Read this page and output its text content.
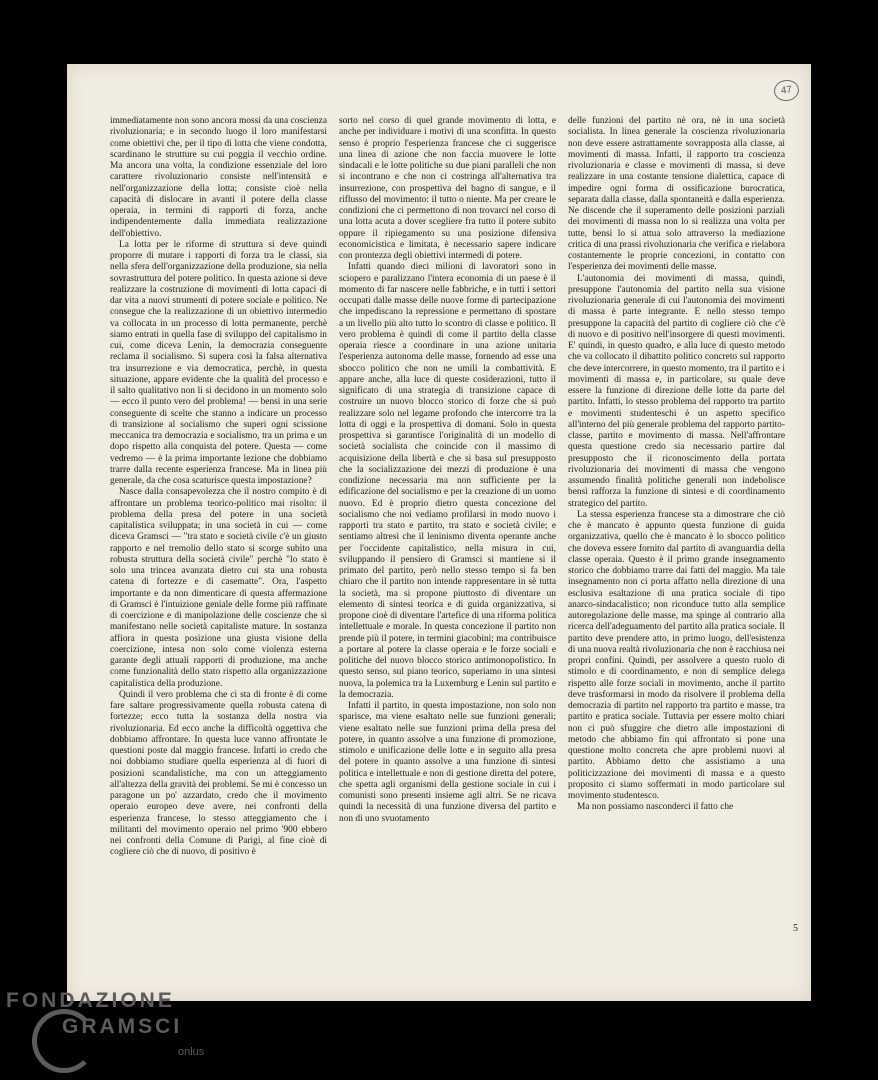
47

immediatamente non sono ancora mossi da una coscienza rivoluzionaria; e in secondo luogo il loro manifestarsi come obiettivi che, per il tipo di lotta che viene condotta, scardinano le strutture su cui poggia il vecchio ordine. Ma ancora una volta, la condizione essenziale del loro carattere rivoluzionario consiste nell'intensità e nell'organizzazione della lotta; consiste cioè nella capacità di dislocare in avanti il potere della classe operaia, in termini di rapporti di forza, anche indipendentemente dalla immediata realizzazione dell'obiettivo.

La lotta per le riforme di struttura si deve quindi proporre di mutare i rapporti di forza tra le classi, sia nella sfera dell'organizzazione della produzione, sia nella sovrastruttura del potere politico. In questa azione si deve realizzare la costruzione di movimenti di lotta capaci di dar vita a nuovi strumenti di potere sociale e politico. Ne consegue che la realizzazione di un obiettivo intermedio va collocata in un processo di lotta permanente, perchè siamo entrati in quella fase di sviluppo del capitalismo in cui, come diceva Lenin, la democrazia conseguente reclama il socialismo. Si supera così la falsa alternativa tra insurrezione e via democratica, perchè, in questa situazione, appare evidente che la qualità del processo e il salto qualitativo non li si decidono in un momento solo — ecco il punto vero del problema! — bensì in una serie conseguente di scelte che stanno a indicare un processo di transizione al socialismo che superi ogni scissione meccanica tra democrazia e socialismo, tra un prima e un dopo rispetto alla conquista del potere. Questa — come vedremo — è la prima importante lezione che dobbiamo trarre dalla recente esperienza francese. Ma in linea più generale, da che cosa scaturisce questa impostazione?

Nasce dalla consapevolezza che il nostro compito è di affrontare un problema teorico-politico mai risolto: il problema della presa del potere in una società capitalistica sviluppata; in una società in cui — come diceva Gramsci — "tra stato e società civile c'è un giusto rapporto e nel tremolio dello stato si scorge subito una robusta struttura della società civile" perchè "lo stato è solo una trincea avanzata dietro cui sta una robusta catena di fortezze e di casematte". Ora, l'aspetto importante e da non dimenticare di questa affermazione di Gramsci è l'intuizione geniale delle forme più raffinate di coercizione e di manipolazione delle coscienze che si manifestano nelle società capitaliste mature. In sostanza affiora in questa posizione una giusta visione della coercizione, intesa non solo come violenza esterna garante degli attuali rapporti di produzione, ma anche come funzionalità dello stato rispetto alla organizzazione capitalistica della produzione.

Quindi il vero problema che ci sta di fronte è di come fare saltare progressivamente quella robusta catena di fortezze; ecco tutta la sostanza della nostra via rivoluzionaria. Ed ecco anche la difficoltà oggettiva che dobbiamo affrontare. In questa luce vanno affrontate le questioni poste dal maggio francese. Infatti io credo che noi dobbiamo studiare quella esperienza al di fuori di posizioni scandalistiche, ma con un atteggiamento all'altezza della gravità dei problemi. Se mi è concesso un paragone un po' azzardato, credo che il movimento operaio europeo deve avere, nei confronti della esperienza francese, lo stesso atteggiamento che i militanti del movimento operaio nel primo '900 ebbero nei confronti della Comune di Parigi, al fine cioè di cogliere ciò che di nuovo, di positivo è

sorto nel corso di quel grande movimento di lotta, e anche per individuare i motivi di una sconfitta. In questo senso è proprio l'esperienza francese che ci suggerisce una linea di azione che non faccia muovere le lotte sindacali e le lotte politiche su due piani paralleli che non si incontrano e che non ci costringa all'alternativa tra insurrezione, con prospettiva del bagno di sangue, e il riflusso del movimento: il tutto o niente. Ma per creare le condizioni che ci permettono di non trovarci nel corso di una lotta acuta a dover scegliere fra tutto il potere subito oppure il ripiegamento su una posizione difensiva economicistica e limitata, è necessario sapere indicare con prontezza degli obiettivi intermedi di potere.

Infatti quando dieci milioni di lavoratori sono in sciopero e paralizzano l'intera economia di un paese è il momento di far nascere nelle fabbriche, e in tutti i settori occupati dalle masse delle nuove forme di partecipazione che impediscano la repressione e permettano di spostare a un livello più alto tutto lo scontro di classe e politico. Il vero problema è quindi di come il partito della classe operaia riesce a coordinare in una azione unitaria l'esperienza autonoma delle masse, fornendo ad esse una sbocco politico che non ne umili la combattività. E appare anche, alla luce di queste cosiderazioni, tutto il significato di una strategia di transizione capace di costruire un nuovo blocco storico di forze che si può realizzare solo nel legame profondo che intercorre tra la lotta di oggi e la prospettiva di domani. Solo in questa prospettiva si garantisce l'originalità di un modello di società socialista che coincide con il massimo di acquisizione della libertà e che si basa sul presupposto che la socializzazione dei mezzi di produzione è una condizione necessaria ma non sufficiente per la edificazione del socialismo e per la creazione di un uomo nuovo. Ed è proprio dietro questa concezione del socialismo che noi vediamo profilarsi in modo nuovo i rapporti tra stato e partito, tra stato e società civile; e sentiamo altresì che il leninismo diventa operante anche per l'occidente capitalistico, nella misura in cui, sviluppando il pensiero di Gramsci si mantiene si il primato del partito, però nello stesso tempo si fa ben chiaro che il partito non intende rappresentare in sè tutta la società, ma si propone piuttosto di diventare un elemento di sintesi teorica e di guida organizzativa, si propone cioè di diventare l'artefice di una riforma politica intellettuale e morale. In questa concezione il partito non prende più il potere, in termini giacobini; ma contribuisce a portare al potere la classe operaia e le forze sociali e politiche del nuovo blocco storico antimonopolistico. In questo senso, sul piano teorico, superiamo in una sintesi nuova, la polemica tra la Luxemburg e Lenin sul partito e la democrazia.

Infatti il partito, in questa impostazione, non solo non sparisce, ma viene esaltato nelle sue funzioni generali; viene esaltato nelle sue funzioni prima della presa del potere, in quanto assolve a una funzione di promozione, stimolo e unificazione delle lotte e in seguito alla presa del potere in quanto assolve a una funzione di sintesi politica e intellettuale e non di gestione diretta del potere, che spetta agli organismi della gestione sociale in cui i comunisti sono presenti insieme agli altri. Se ne ricava quindi la necessità di una funzione diversa del partito e non di uno svuotamento

delle funzioni del partito nè ora, nè in una società socialista. In linea generale la coscienza rivoluzionaria non deve essere astrattamente sovrapposta alla classe, ai movimenti di massa. Infatti, il rapporto tra coscienza rivoluzionaria e classe e movimenti di massa, si deve realizzare in una costante tensione dialettica, capace di impedire ogni forma di ossificazione burocratica, separata dalla classe, dalla spontaneità e dalla esperienza. Ne discende che il superamento delle posizioni parziali dei movimenti di massa non lo si realizza una volta per tutte, bensì lo si attua solo attraverso la mediazione critica di una prassi rivoluzionaria che verifica e rielabora costantemente le proprie concezioni, in contatto con l'esperienza dei movimenti delle masse.

L'autonomia dei movimenti di massa, quindi, presuppone l'autonomia del partito nella sua visione rivoluzionaria generale di cui l'autonomia dei movimenti di massa è parte integrante. E nello stesso tempo presuppone la capacità del partito di cogliere ciò che c'è di nuovo e di positivo nell'insorgere di questi movimenti. E' quindi, in questo quadro, e alla luce di questo metodo che va collocato il dibattito politico concreto sul rapporto che deve intercorrere, in questo momento, tra il partito e i movimenti di massa e, in particolare, su quale deve essere la funzione di direzione delle lotte da parte del partito. Infatti, lo stesso problema del rapporto tra partito e movimenti studenteschi è un aspetto specifico all'interno del più generale problema del rapporto partito-classe, partito e movimento di massa. Nell'affrontare questa questione credo sia necessario partire dal presupposto che il riconoscimento della portata rivoluzionaria dei movimenti di massa che vengono assumendo finalità politiche generali non indebolisce bensì rafforza la funzione di sintesi e di coordinamento strategico del partito.

La stessa esperienza francese sta a dimostrare che ciò che è mancato è appunto questa funzione di guida organizzativa, quello che è mancato è lo sbocco politico che doveva essere fornito dal partito di avanguardia della classe operaia. Questo è il primo grande insegnamento storico che dobbiamo trarre dai fatti del maggio. Ma tale insegnamento non ci porta affatto nella direzione di una esclusiva esaltazione di una pratica sociale di tipo anarco-sindacalistico; non riconduce tutto alla semplice autoregolazione delle masse, ma spinge al contrario alla ricerca dell'adeguamento del partito alla pratica sociale. Il partito deve prendere atto, in primo luogo, dell'esistenza di una nuova realtà rivoluzionaria che non è racchiusa nei propri confini. Quindi, per assolvere a questo ruolo di stimolo e di coordinamento, e non di semplice delega rispetto alle forze sociali in movimento, anche il partito deve trasformarsi in modo da risolvere il problema della democrazia di partito nel rapporto tra partito e masse, tra partito e pratica sociale. Tuttavia per essere molto chiari non ci può sfuggire che dietro alle impostazioni di metodo che abbiamo fin qui affrontato si pone una questione molto concreta che apre problemi nuovi al partito. Abbiamo detto che assistiamo a una politicizzazione dei movimenti di massa e a questo proposito ci siamo soffermati in modo particolare sul movimento studentesco.

Ma non possiamo nasconderci il fatto che

5
FONDAZIONE
GRAMSCI
onlus
